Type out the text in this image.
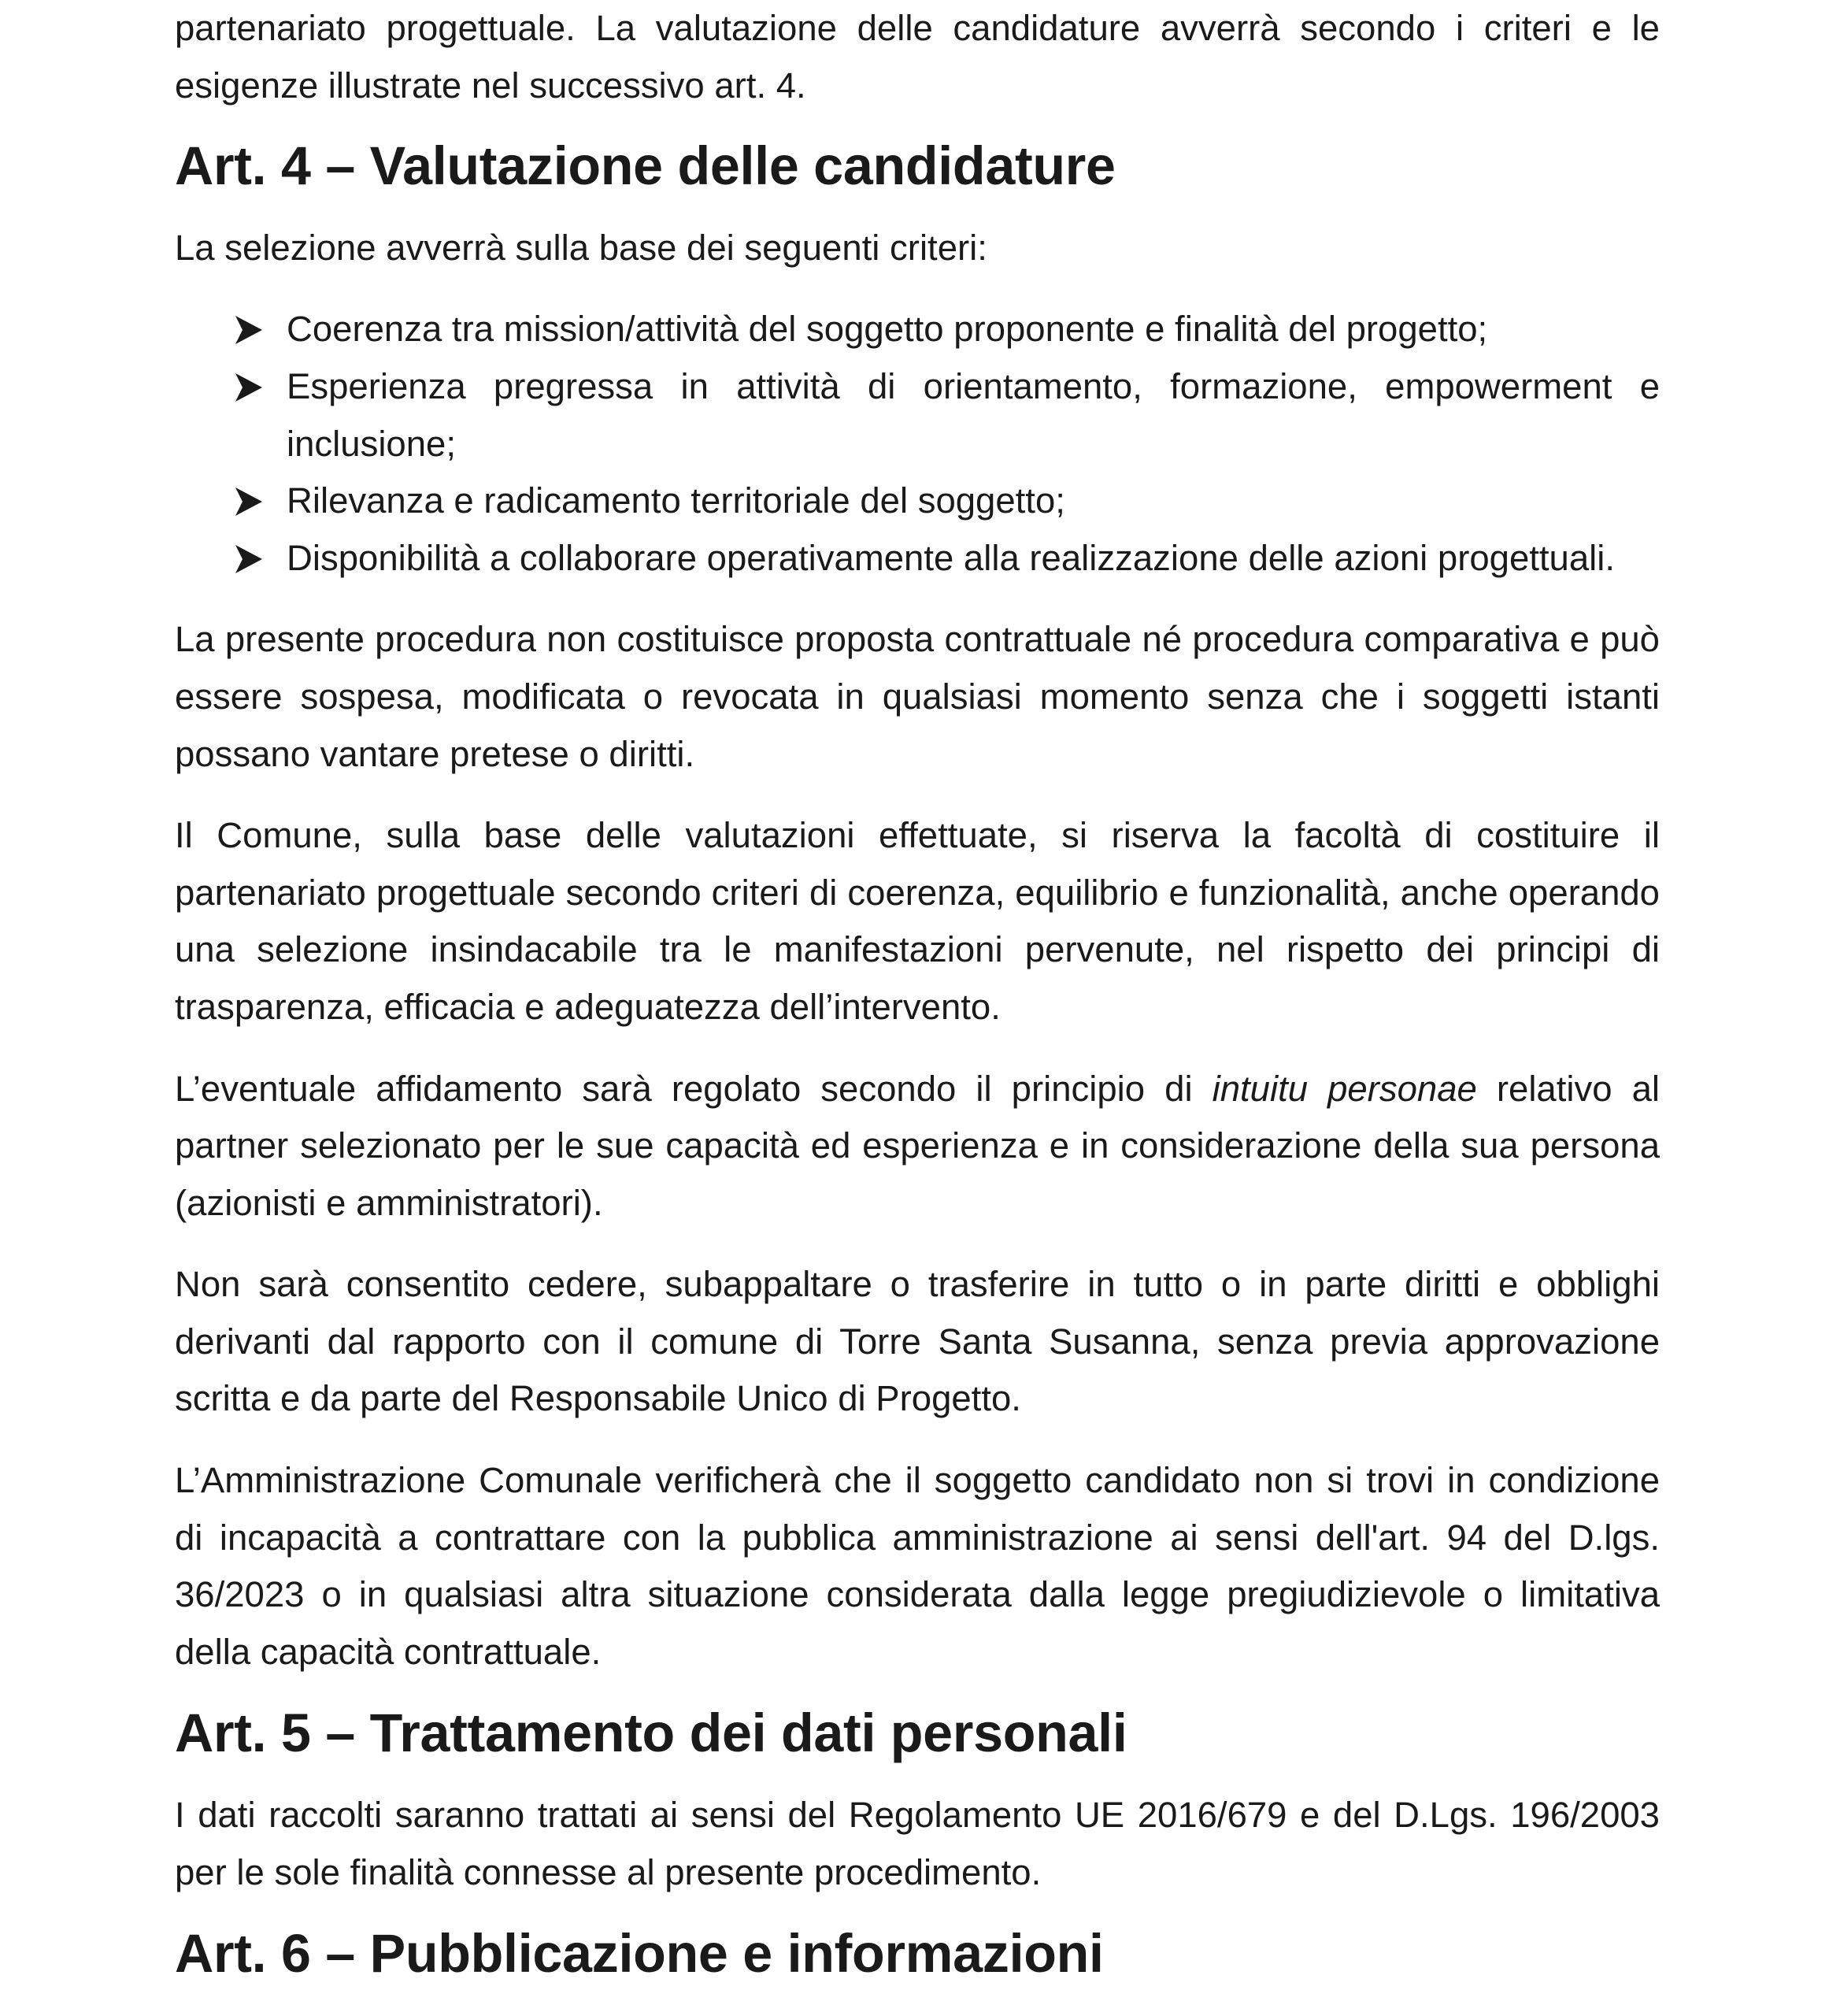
partenariato progettuale. La valutazione delle candidature avverrà secondo i criteri e le esigenze illustrate nel successivo art. 4.

Art. 4 – Valutazione delle candidature

La selezione avverrà sulla base dei seguenti criteri:

Coerenza tra mission/attività del soggetto proponente e finalità del progetto;
Esperienza pregressa in attività di orientamento, formazione, empowerment e inclusione;
Rilevanza e radicamento territoriale del soggetto;
Disponibilità a collaborare operativamente alla realizzazione delle azioni progettuali.

La presente procedura non costituisce proposta contrattuale né procedura comparativa e può essere sospesa, modificata o revocata in qualsiasi momento senza che i soggetti istanti possano vantare pretese o diritti.

Il Comune, sulla base delle valutazioni effettuate, si riserva la facoltà di costituire il partenariato progettuale secondo criteri di coerenza, equilibrio e funzionalità, anche operando una selezione insindacabile tra le manifestazioni pervenute, nel rispetto dei principi di trasparenza, efficacia e adeguatezza dell’intervento.

L’eventuale affidamento sarà regolato secondo il principio di intuitu personae relativo al partner selezionato per le sue capacità ed esperienza e in considerazione della sua persona (azionisti e amministratori).

Non sarà consentito cedere, subappaltare o trasferire in tutto o in parte diritti e obblighi derivanti dal rapporto con il comune di Torre Santa Susanna, senza previa approvazione scritta e da parte del Responsabile Unico di Progetto.

L’Amministrazione Comunale verificherà che il soggetto candidato non si trovi in condizione di incapacità a contrattare con la pubblica amministrazione ai sensi dell'art. 94 del D.lgs. 36/2023 o in qualsiasi altra situazione considerata dalla legge pregiudizievole o limitativa della capacità contrattuale.

Art. 5 – Trattamento dei dati personali

I dati raccolti saranno trattati ai sensi del Regolamento UE 2016/679 e del D.Lgs. 196/2003 per le sole finalità connesse al presente procedimento.

Art. 6 – Pubblicazione e informazioni
